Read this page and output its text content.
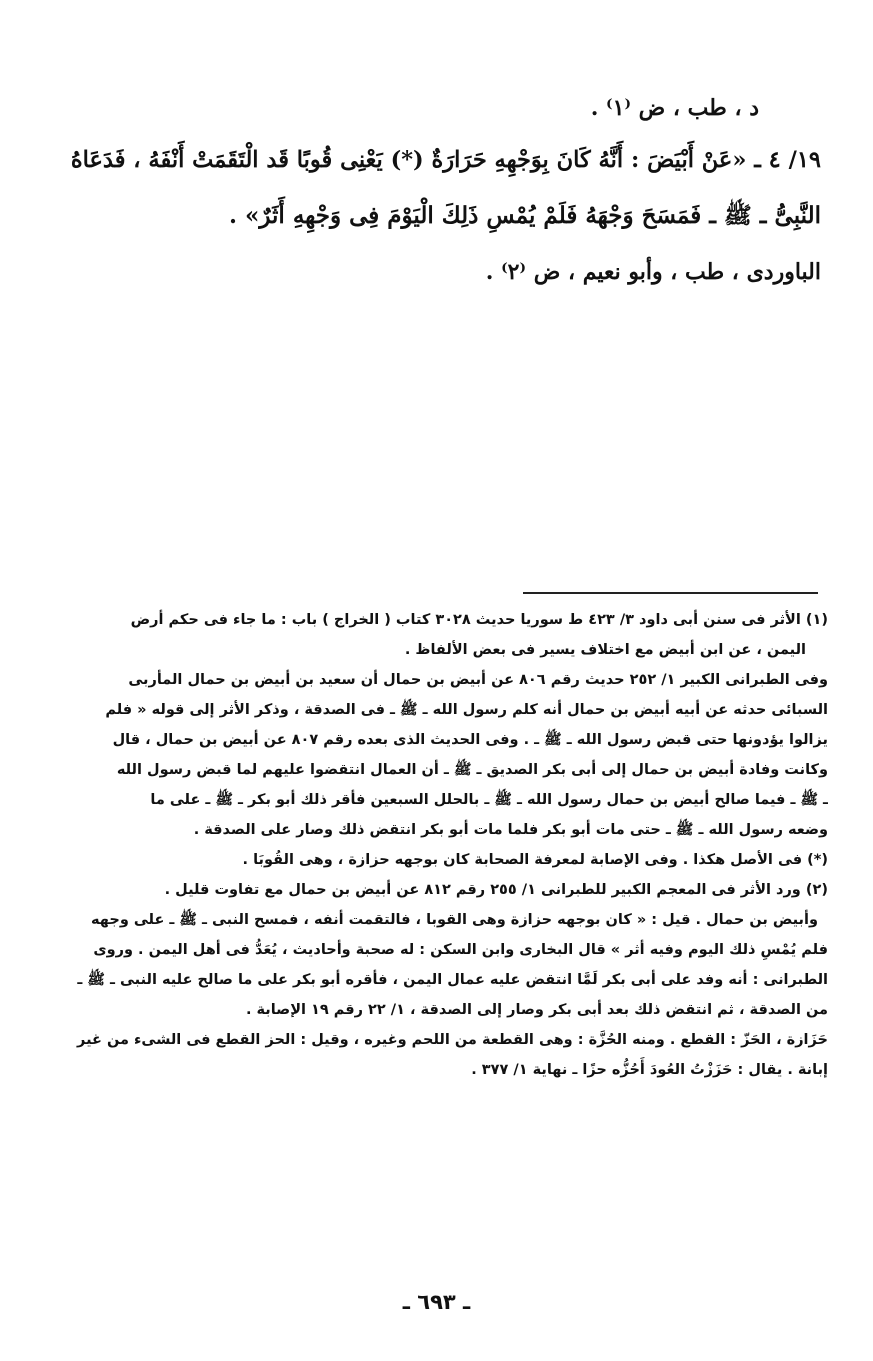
د ، طب ، ض ⁽١⁾ .
١٩/ ٤ ـ «عَنْ أَبْيَضَ : أَنَّهُ كَانَ بِوَجْهِهِ حَرَارَةٌ (*) يَعْنِى قُوبًا قَد الْتَقَمَتْ أَنْفَهُ ، فَدَعَاهُ
النَّبِىُّ ـ ﷺ ـ فَمَسَحَ وَجْهَهُ فَلَمْ يُمْسِ ذَلِكَ الْيَوْمَ فِى وَجْهِهِ أَثَرٌ» .
الباوردى ، طب ، وأبو نعيم ، ض ⁽٢⁾ .
(١) الأثر فى سنن أبى داود ٣/ ٤٢٣ ط سوريا حديث ٣٠٢٨ كتاب ( الخراج ) باب : ما جاء فى حكم أرض
اليمن ، عن ابن أبيض مع اختلاف يسير فى بعض الألفاظ .
وفى الطبرانى الكبير ١/ ٢٥٢ حديث رقم ٨٠٦ عن أبيض بن حمال أن سعيد بن أبيض بن حمال المأربى
السبائى حدثه عن أبيه أبيض بن حمال أنه كلم رسول الله ـ ﷺ ـ فى الصدقة ، وذكر الأثر إلى قوله « فلم
يزالوا يؤدونها حتى قبض رسول الله ـ ﷺ ـ . وفى الحديث الذى بعده رقم ٨٠٧ عن أبيض بن حمال ، قال
وكانت وفادة أبيض بن حمال إلى أبى بكر الصديق ـ ﷺ ـ أن العمال انتقضوا عليهم لما قبض رسول الله
ـ ﷺ ـ فيما صالح أبيض بن حمال رسول الله ـ ﷺ ـ بالحلل السبعين فأقر ذلك أبو بكر ـ ﷺ ـ على ما
وضعه رسول الله ـ ﷺ ـ حتى مات أبو بكر فلما مات أبو بكر انتقض ذلك وصار على الصدقة .
(*) فى الأصل هكذا . وفى الإصابة لمعرفة الصحابة كان بوجهه حزازة ، وهى القُوبَا .
(٢) ورد الأثر فى المعجم الكبير للطبرانى ١/ ٢٥٥ رقم ٨١٢ عن أبيض بن حمال مع تفاوت قليل .
وأبيض بن حمال . قيل : « كان بوجهه حزازة وهى القوبا ، فالتقمت أنفه ، فمسح النبى ـ ﷺ ـ على وجهه
فلم يُمْسِ ذلك اليوم وفيه أثر » قال البخارى وابن السكن : له صحبة وأحاديث ، يُعَدُّ فى أهل اليمن . وروى
الطبرانى : أنه وفد على أبى بكر لَمَّا انتقض عليه عمال اليمن ، فأقره أبو بكر على ما صالح عليه النبى ـ ﷺ ـ
من الصدقة ، ثم انتقض ذلك بعد أبى بكر وصار إلى الصدقة ، ١/ ٢٢ رقم ١٩ الإصابة .
حَزَازة ، الحَزّ : القطع . ومنه الحُزَّة : وهى القطعة من اللحم وغيره ، وقيل : الحز القطع فى الشىء من غير
إبانة . يقال : حَزَزْتُ العُودَ أَحُزُّه حزًا ـ نهاية ١/ ٣٧٧ .
ـ ٦٩٣ ـ
